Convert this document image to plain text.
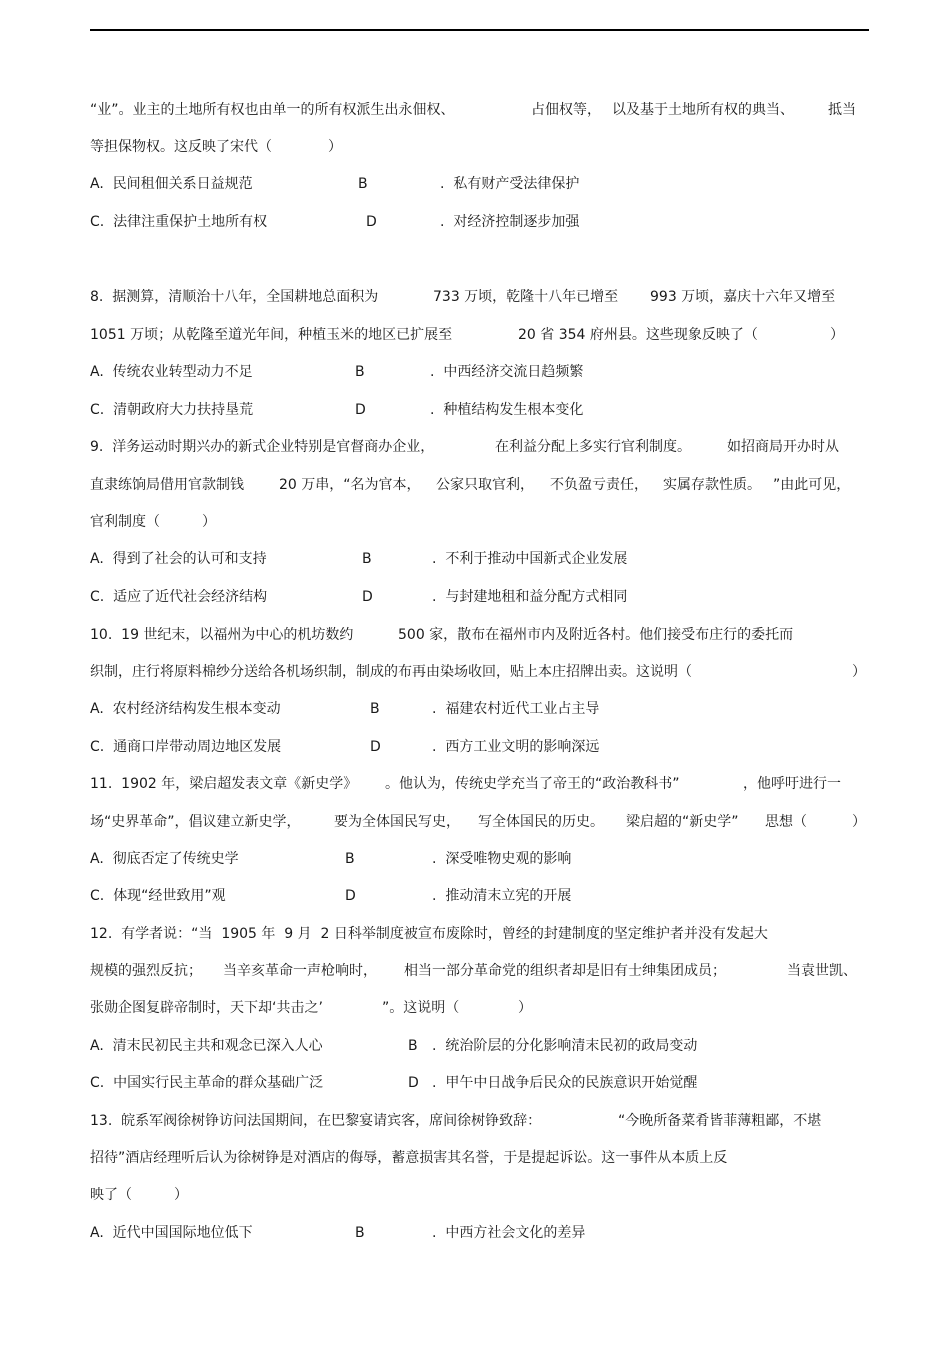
“业”。业主的土地所有权也由单一的所有权派生出永佃权、

	占佃权等，

以及基于土地所有权的典当、

抵当

等担保物权。这反映了宋代（　　　　）

A.  民间租佃关系日益规范

	B

	.  私有财产受法律保护

C.  法律注重保护土地所有权

	D

	.  对经济控制逐步加强

8.  据测算，清顺治十八年，全国耕地总面积为

	733 万顷，乾隆十八年已增至

993 万顷，嘉庆十六年又增至

1051 万顷；从乾隆至道光年间，种植玉米的地区已扩展至

	20 省 354 府州县。这些现象反映了（

	）

A.  传统农业转型动力不足

	B

	.  中西经济交流日趋频繁

C.  清朝政府大力扶持垦荒

	D

	.  种植结构发生根本变化

9.  洋务运动时期兴办的新式企业特别是官督商办企业，

	在利益分配上多实行官利制度。

	如招商局开办时从

直隶练饷局借用官款制钱

	20 万串，“名为官本，

公家只取官利，

不负盈亏责任，

实属存款性质。

”由此可见，

官利制度（　　　）

A.  得到了社会的认可和支持

	B

	.  不利于推动中国新式企业发展

C.  适应了近代社会经济结构

	D

	.  与封建地租和益分配方式相同

10.  19 世纪末，以福州为中心的机坊数约

	500 家，散布在福州市内及附近各村。他们接受布庄行的委托而

织制，庄行将原料棉纱分送给各机场织制，制成的布再由染场收回，贴上本庄招牌出卖。这说明（

	）

A.  农村经济结构发生根本变动

	B

	.  福建农村近代工业占主导

C.  通商口岸带动周边地区发展

	D

	.  西方工业文明的影响深远

11.  1902 年，梁启超发表文章《新史学》

。他认为，传统史学充当了帝王的“政治教科书”

	，他呼吁进行一

场“史界革命”，倡议建立新史学，

要为全体国民写史，

写全体国民的历史。

梁启超的“新史学”

思想（

	）

A.  彻底否定了传统史学

	B

	.  深受唯物史观的影响

C.  体现“经世致用”观

	D

	.  推动清末立宪的开展

12.  有学者说：“当  1905 年  9 月  2 日科举制度被宣布废除时，曾经的封建制度的坚定维护者并没有发起大

规模的强烈反抗；

当辛亥革命一声枪响时，

相当一部分革命党的组织者却是旧有士绅集团成员；

	当袁世凯、

张勋企图复辟帝制时，天下却‘共击之’

	”。这说明（

	）

A.  清末民初民主共和观念已深入人心

	B

.  统治阶层的分化影响清末民初的政局变动

C.  中国实行民主革命的群众基础广泛

	D

.  甲午中日战争后民众的民族意识开始觉醒

13.  皖系军阀徐树铮访问法国期间，在巴黎宴请宾客，席间徐树铮致辞：

	“今晚所备菜肴皆菲薄粗鄙，不堪

招待”酒店经理听后认为徐树铮是对酒店的侮辱，蓄意损害其名誉，于是提起诉讼。这一事件从本质上反
映了（　　　）

A.  近代中国国际地位低下

	B

	.  中西方社会文化的差异
